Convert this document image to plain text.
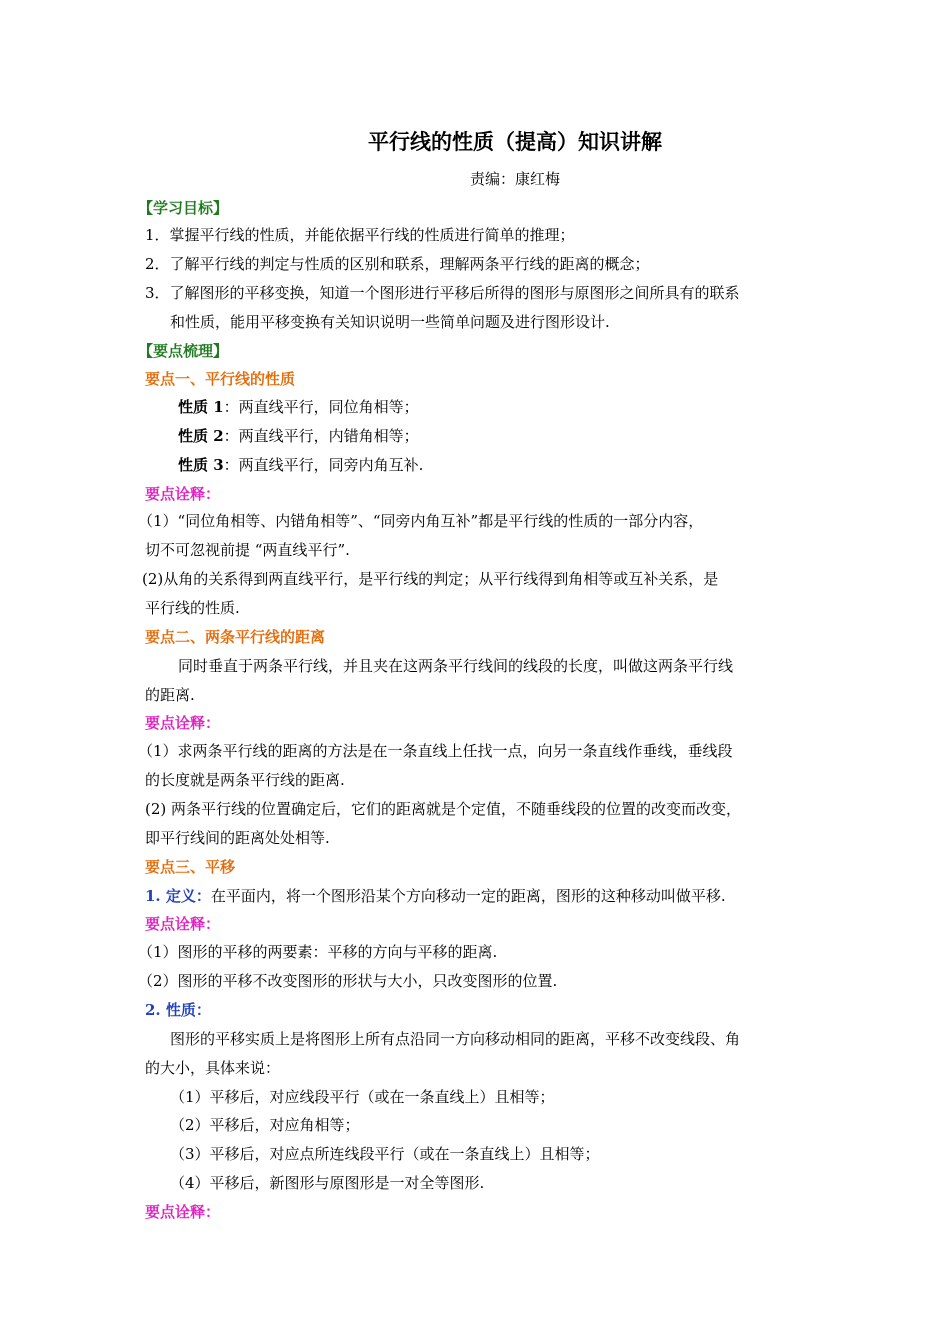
平行线的性质（提高）知识讲解
责编：康红梅
【学习目标】
1．掌握平行线的性质，并能依据平行线的性质进行简单的推理；
2．了解平行线的判定与性质的区别和联系，理解两条平行线的距离的概念；
3．了解图形的平移变换，知道一个图形进行平移后所得的图形与原图形之间所具有的联系
和性质，能用平移变换有关知识说明一些简单问题及进行图形设计.
【要点梳理】
要点一、平行线的性质
性质 1：两直线平行，同位角相等；
性质 2：两直线平行，内错角相等；
性质 3：两直线平行，同旁内角互补.
要点诠释：
（1）“同位角相等、内错角相等”、“同旁内角互补”都是平行线的性质的一部分内容，
切不可忽视前提 “两直线平行”.
(2)从角的关系得到两直线平行，是平行线的判定；从平行线得到角相等或互补关系，是
平行线的性质.
要点二、两条平行线的距离
同时垂直于两条平行线，并且夹在这两条平行线间的线段的长度，叫做这两条平行线
的距离.
要点诠释：
（1）求两条平行线的距离的方法是在一条直线上任找一点，向另一条直线作垂线，垂线段
的长度就是两条平行线的距离.
(2) 两条平行线的位置确定后，它们的距离就是个定值，不随垂线段的位置的改变而改变，
即平行线间的距离处处相等.
要点三、平移
1. 定义：在平面内，将一个图形沿某个方向移动一定的距离，图形的这种移动叫做平移.
要点诠释：
（1）图形的平移的两要素：平移的方向与平移的距离.
（2）图形的平移不改变图形的形状与大小，只改变图形的位置.
2. 性质：
图形的平移实质上是将图形上所有点沿同一方向移动相同的距离，平移不改变线段、角
的大小，具体来说：
（1）平移后，对应线段平行（或在一条直线上）且相等；
（2）平移后，对应角相等；
（3）平移后，对应点所连线段平行（或在一条直线上）且相等；
（4）平移后，新图形与原图形是一对全等图形.
要点诠释：
